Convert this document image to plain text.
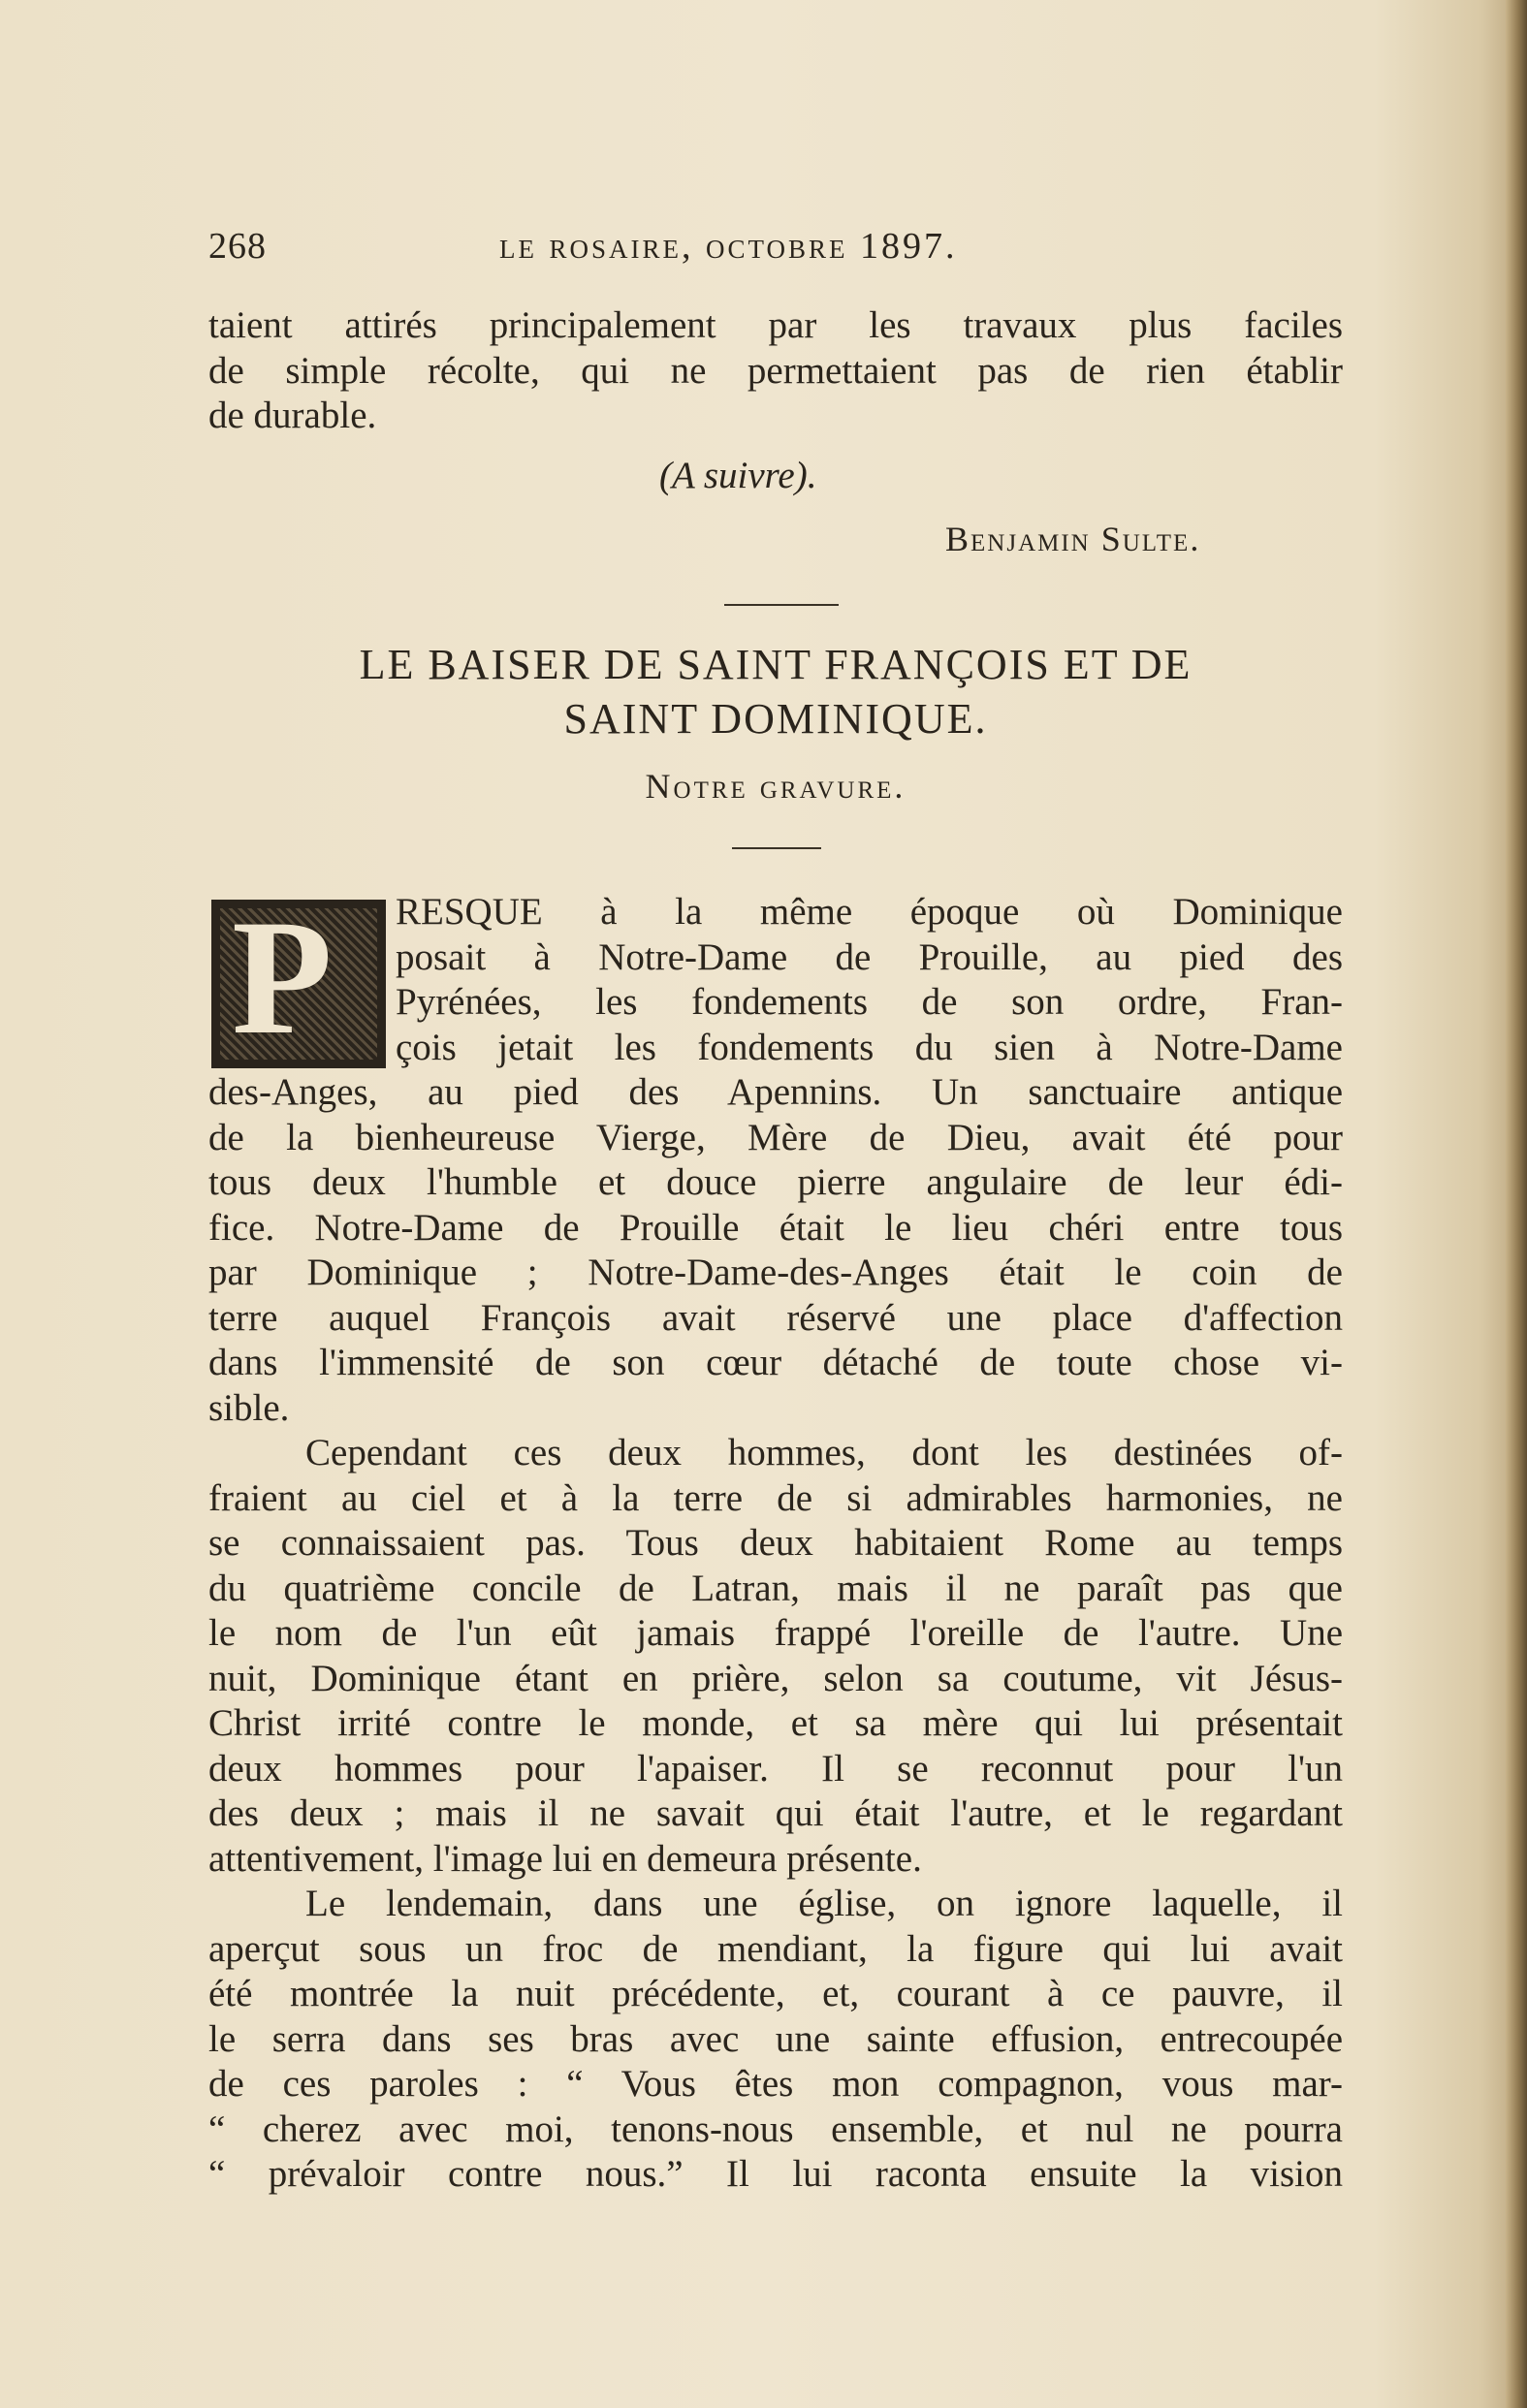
268	le rosaire, octobre 1897.
taient attirés principalement par les travaux plus faciles
de simple récolte, qui ne permettaient pas de rien établir
de durable.
(A suivre).
Benjamin Sulte.
LE BAISER DE SAINT FRANÇOIS ET DE
SAINT DOMINIQUE.
Notre gravure.
P RESQUE à la même époque où Dominique
posait à Notre-Dame de Prouille, au pied des
Pyrénées, les fondements de son ordre, Fran-
çois jetait les fondements du sien à Notre-Dame
des-Anges, au pied des Apennins. Un sanctuaire antique
de la bienheureuse Vierge, Mère de Dieu, avait été pour
tous deux l'humble et douce pierre angulaire de leur édi-
fice. Notre-Dame de Prouille était le lieu chéri entre tous
par Dominique ; Notre-Dame-des-Anges était le coin de
terre auquel François avait réservé une place d'affection
dans l'immensité de son cœur détaché de toute chose vi-
sible.
Cependant ces deux hommes, dont les destinées of-
fraient au ciel et à la terre de si admirables harmonies, ne
se connaissaient pas. Tous deux habitaient Rome au temps
du quatrième concile de Latran, mais il ne paraît pas que
le nom de l'un eût jamais frappé l'oreille de l'autre. Une
nuit, Dominique étant en prière, selon sa coutume, vit Jésus-
Christ irrité contre le monde, et sa mère qui lui présentait
deux hommes pour l'apaiser. Il se reconnut pour l'un
des deux ; mais il ne savait qui était l'autre, et le regardant
attentivement, l'image lui en demeura présente.
Le lendemain, dans une église, on ignore laquelle, il
aperçut sous un froc de mendiant, la figure qui lui avait
été montrée la nuit précédente, et, courant à ce pauvre, il
le serra dans ses bras avec une sainte effusion, entrecoupée
de ces paroles : “ Vous êtes mon compagnon, vous mar-
“ cherez avec moi, tenons-nous ensemble, et nul ne pourra
“ prévaloir contre nous.” Il lui raconta ensuite la vision
